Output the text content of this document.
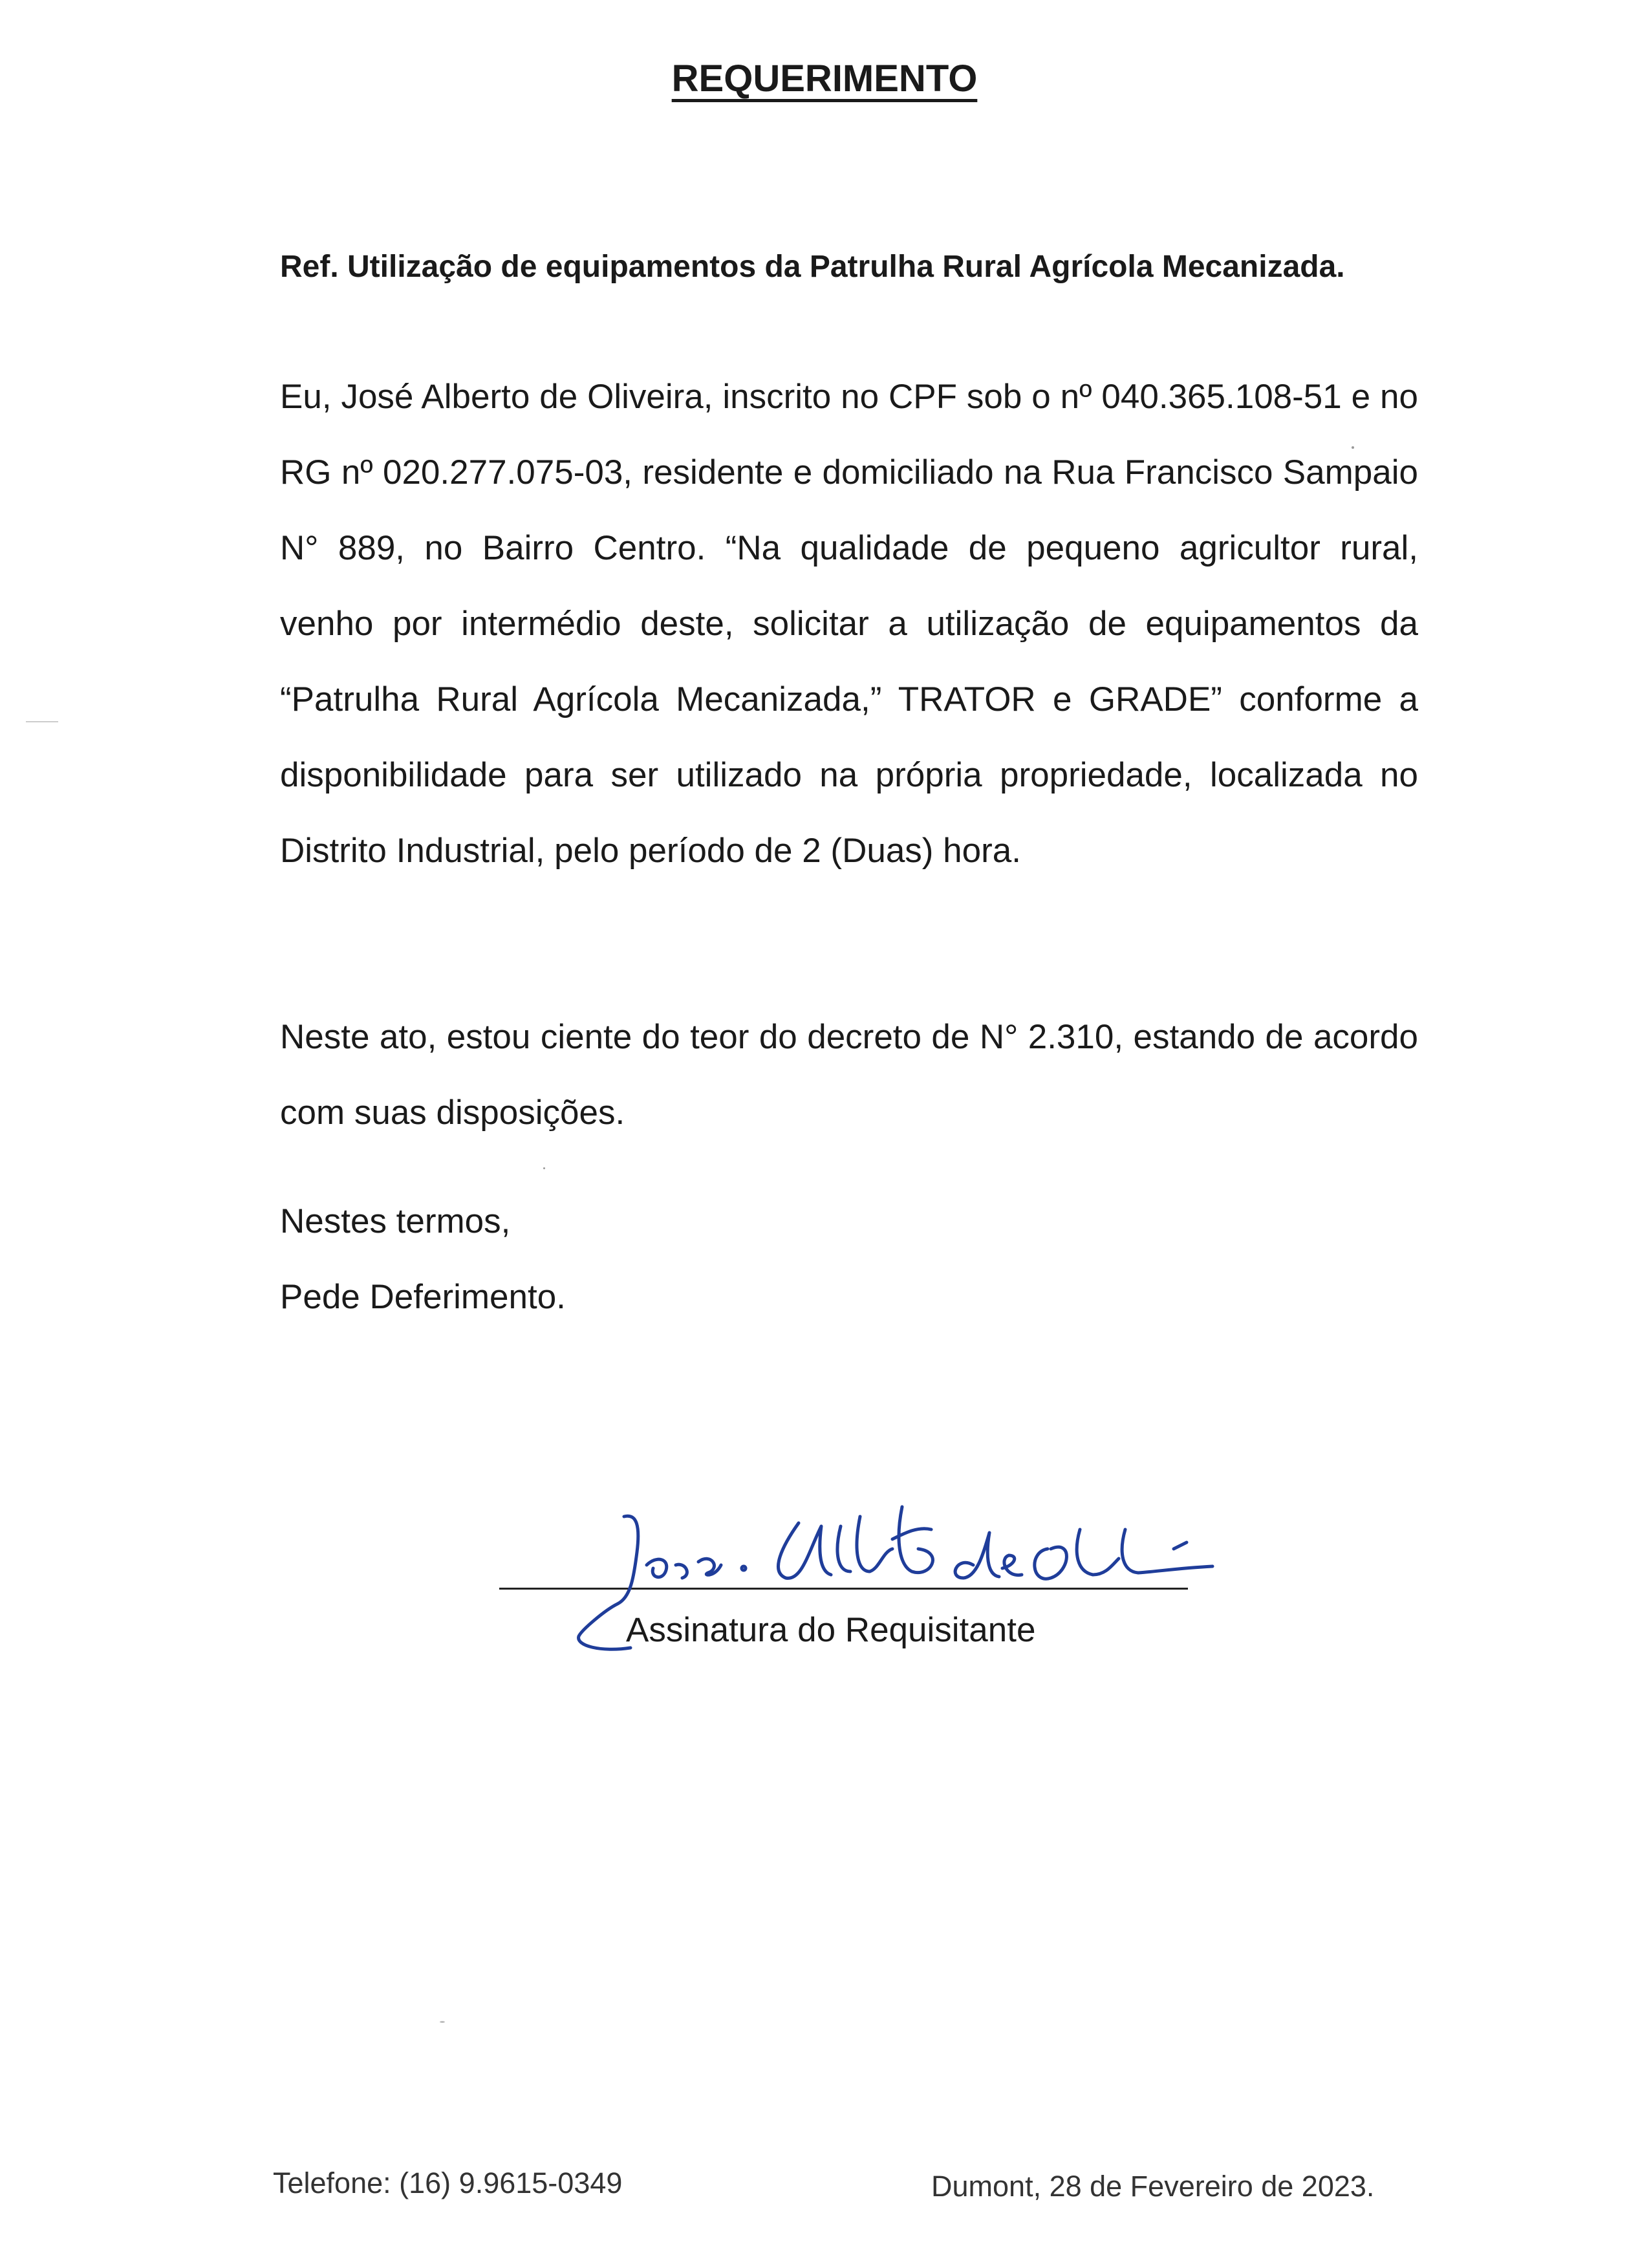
REQUERIMENTO

Ref. Utilização de equipamentos da Patrulha Rural Agrícola Mecanizada.

Eu, José Alberto de Oliveira, inscrito no CPF sob o nº 040.365.108-51 e no RG nº 020.277.075-03, residente e domiciliado na Rua Francisco Sampaio N° 889, no Bairro Centro. “Na qualidade de pequeno agricultor rural, venho por intermédio deste, solicitar a utilização de equipamentos da “Patrulha Rural Agrícola Mecanizada,” TRATOR e GRADE” conforme a disponibilidade para ser utilizado na própria propriedade, localizada no Distrito Industrial, pelo período de 2 (Duas) hora.

Neste ato, estou ciente do teor do decreto de N° 2.310, estando de acordo com suas disposições.

Nestes termos,
Pede Deferimento.

Assinatura do Requisitante

Telefone: (16) 9.9615-0349	Dumont, 28 de Fevereiro de 2023.
